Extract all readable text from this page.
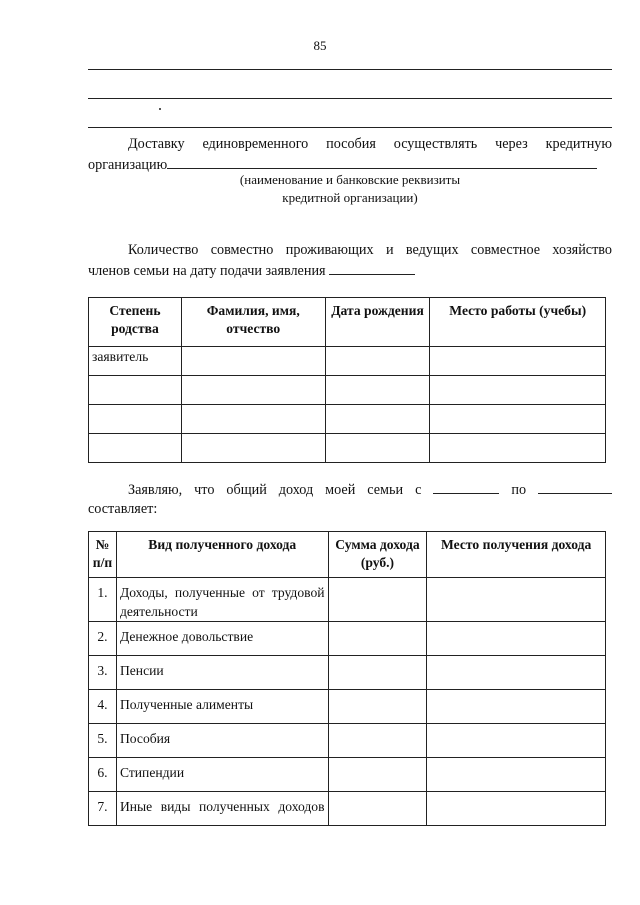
85
Доставку единовременного пособия осуществлять через кредитную
организацию
(наименование и банковские реквизиты
кредитной организации)
Количество совместно проживающих и ведущих совместное хозяйство
членов семьи на дату подачи заявления
Степень родства	Фамилия, имя, отчество	Дата рождения	Место работы (учебы)
заявитель			

Заявляю, что общий доход моей семьи с	по
составляет:
№ п/п	Вид полученного дохода	Сумма дохода (руб.)	Место получения дохода
1.	Доходы, полученные от трудовой деятельности		
2.	Денежное довольствие		
3.	Пенсии		
4.	Полученные алименты		
5.	Пособия		
6.	Стипендии		
7.	Иные виды полученных доходов		
